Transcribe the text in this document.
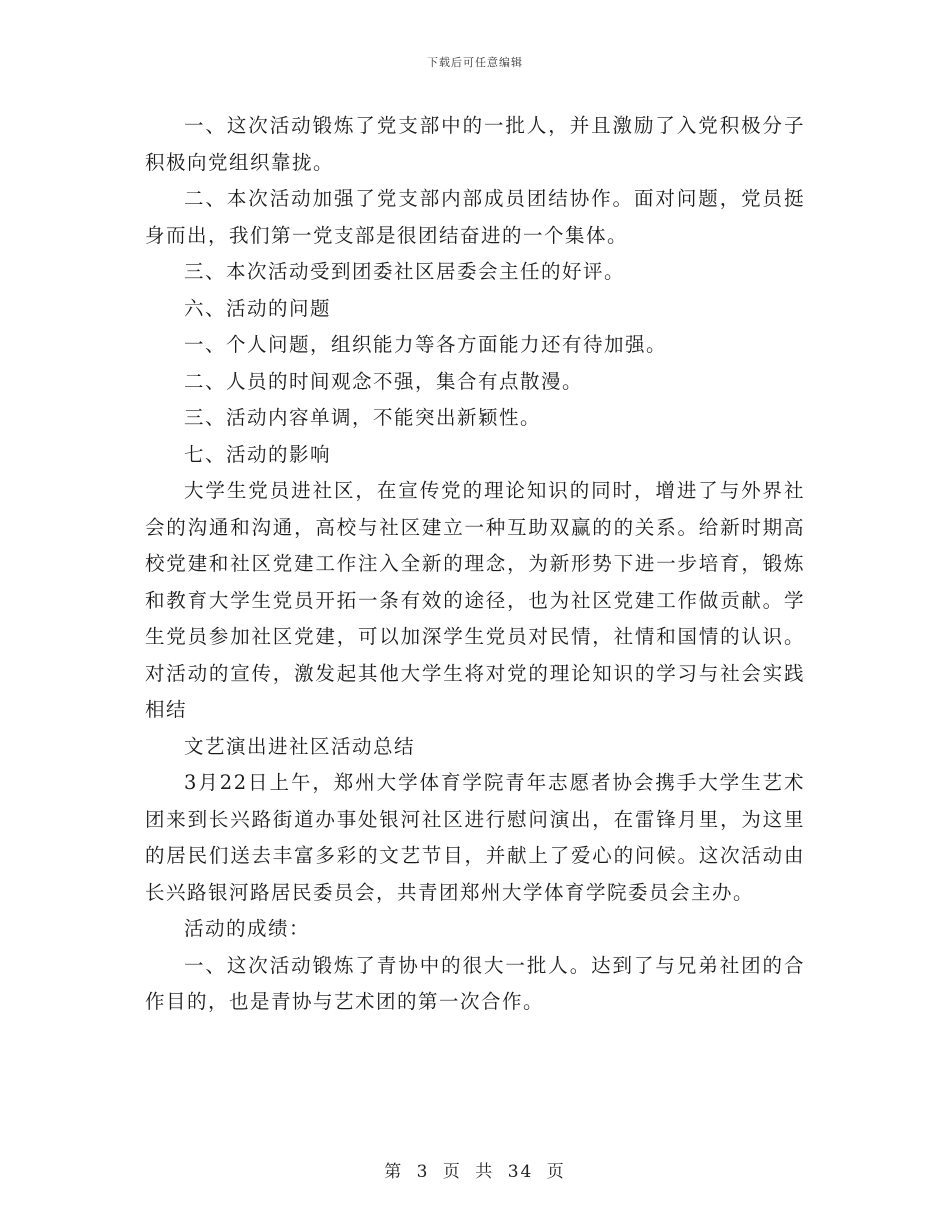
下载后可任意编辑

一、这次活动锻炼了党支部中的一批人，并且激励了入党积极分子积极向党组织靠拢。

二、本次活动加强了党支部内部成员团结协作。面对问题，党员挺身而出，我们第一党支部是很团结奋进的一个集体。

三、本次活动受到团委社区居委会主任的好评。

六、活动的问题

一、个人问题，组织能力等各方面能力还有待加强。

二、人员的时间观念不强，集合有点散漫。

三、活动内容单调，不能突出新颖性。

七、活动的影响

大学生党员进社区，在宣传党的理论知识的同时，增进了与外界社会的沟通和沟通，高校与社区建立一种互助双赢的的关系。给新时期高校党建和社区党建工作注入全新的理念，为新形势下进一步培育，锻炼和教育大学生党员开拓一条有效的途径，也为社区党建工作做贡献。学生党员参加社区党建，可以加深学生党员对民情，社情和国情的认识。对活动的宣传，激发起其他大学生将对党的理论知识的学习与社会实践相结

文艺演出进社区活动总结

3月22日上午，郑州大学体育学院青年志愿者协会携手大学生艺术团来到长兴路街道办事处银河社区进行慰问演出，在雷锋月里，为这里的居民们送去丰富多彩的文艺节目，并献上了爱心的问候。这次活动由长兴路银河路居民委员会，共青团郑州大学体育学院委员会主办。

活动的成绩：

一、这次活动锻炼了青协中的很大一批人。达到了与兄弟社团的合作目的，也是青协与艺术团的第一次合作。

第 3 页 共 34 页
